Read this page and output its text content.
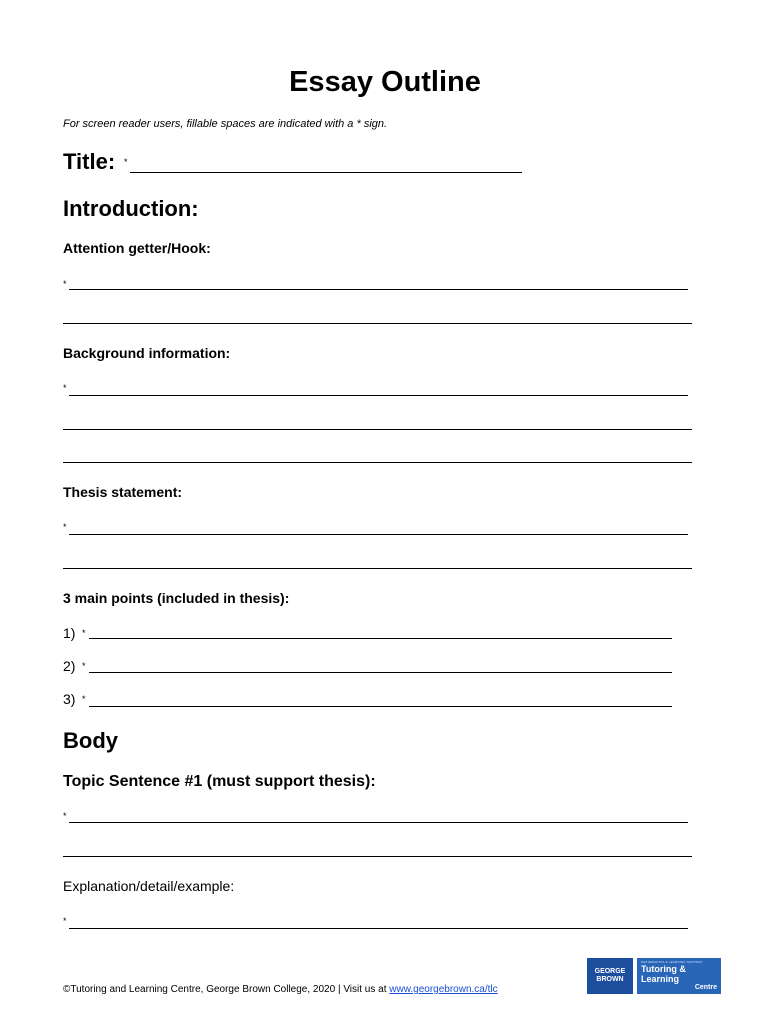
Essay Outline
For screen reader users, fillable spaces are indicated with a * sign.
Title: *
Introduction:
Attention getter/Hook:
*
Background information:
*
Thesis statement:
*
3 main points (included in thesis):
1) *
2) *
3) *
Body
Topic Sentence #1 (must support thesis):
*
Explanation/detail/example:
*
©Tutoring and Learning Centre, George Brown College, 2020 | Visit us at www.georgebrown.ca/tlc
GEORGE
BROWN
MATHEMATICS & LEARNING SUPPORT
Tutoring & Learning
Centre
